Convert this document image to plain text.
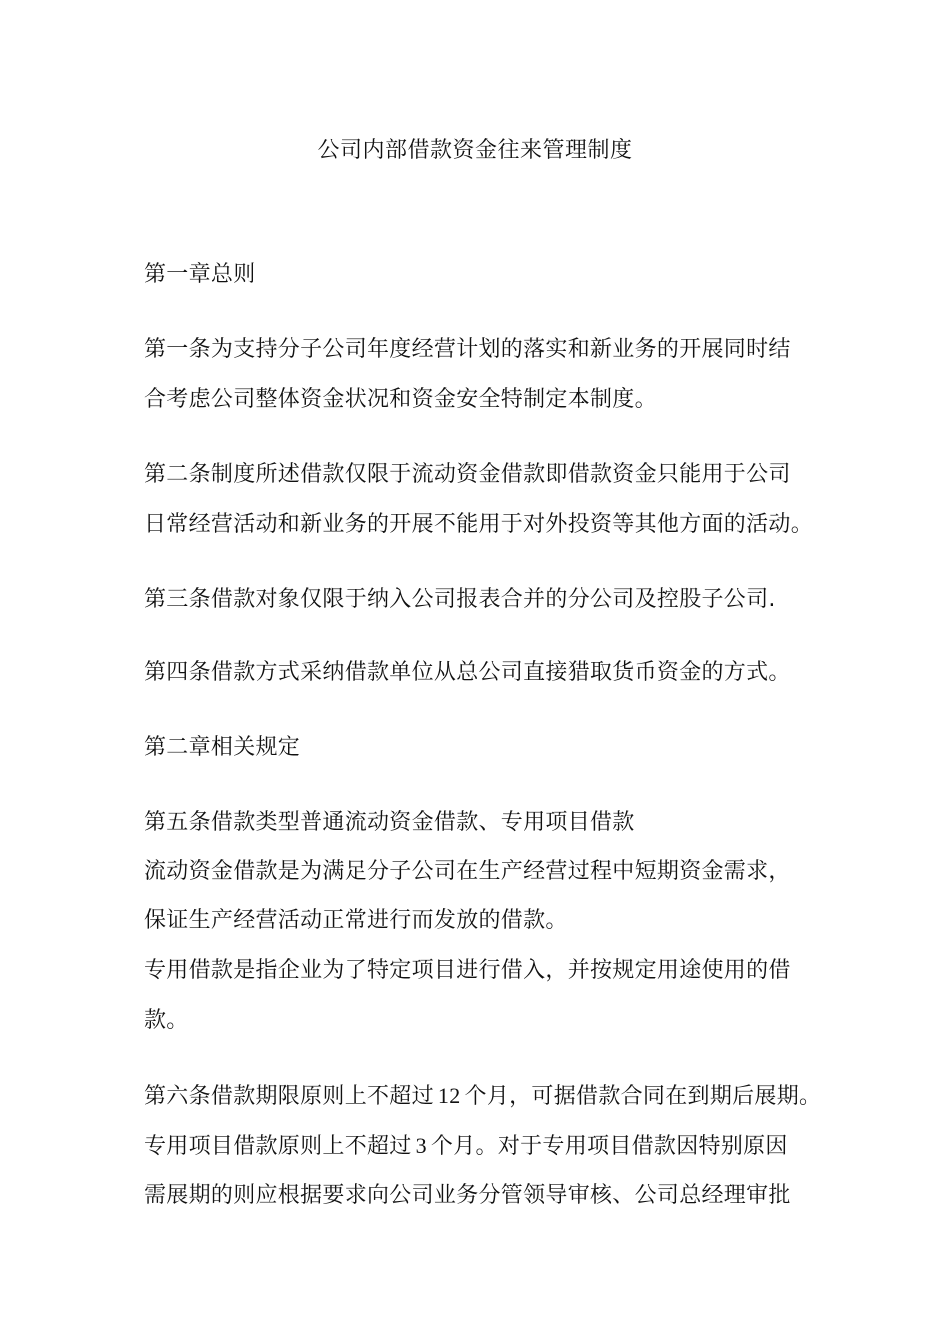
公司内部借款资金往来管理制度
第一章总则
第一条为支持分子公司年度经营计划的落实和新业务的开展同时结
合考虑公司整体资金状况和资金安全特制定本制度。
第二条制度所述借款仅限于流动资金借款即借款资金只能用于公司
日常经营活动和新业务的开展不能用于对外投资等其他方面的活动。
第三条借款对象仅限于纳入公司报表合并的分公司及控股子公司.
第四条借款方式采纳借款单位从总公司直接猎取货币资金的方式。
第二章相关规定
第五条借款类型普通流动资金借款、专用项目借款
流动资金借款是为满足分子公司在生产经营过程中短期资金需求，
保证生产经营活动正常进行而发放的借款。
专用借款是指企业为了特定项目进行借入，并按规定用途使用的借
款。
第六条借款期限原则上不超过 12 个月，可据借款合同在到期后展期。
专用项目借款原则上不超过 3 个月。对于专用项目借款因特别原因
需展期的则应根据要求向公司业务分管领导审核、公司总经理审批
